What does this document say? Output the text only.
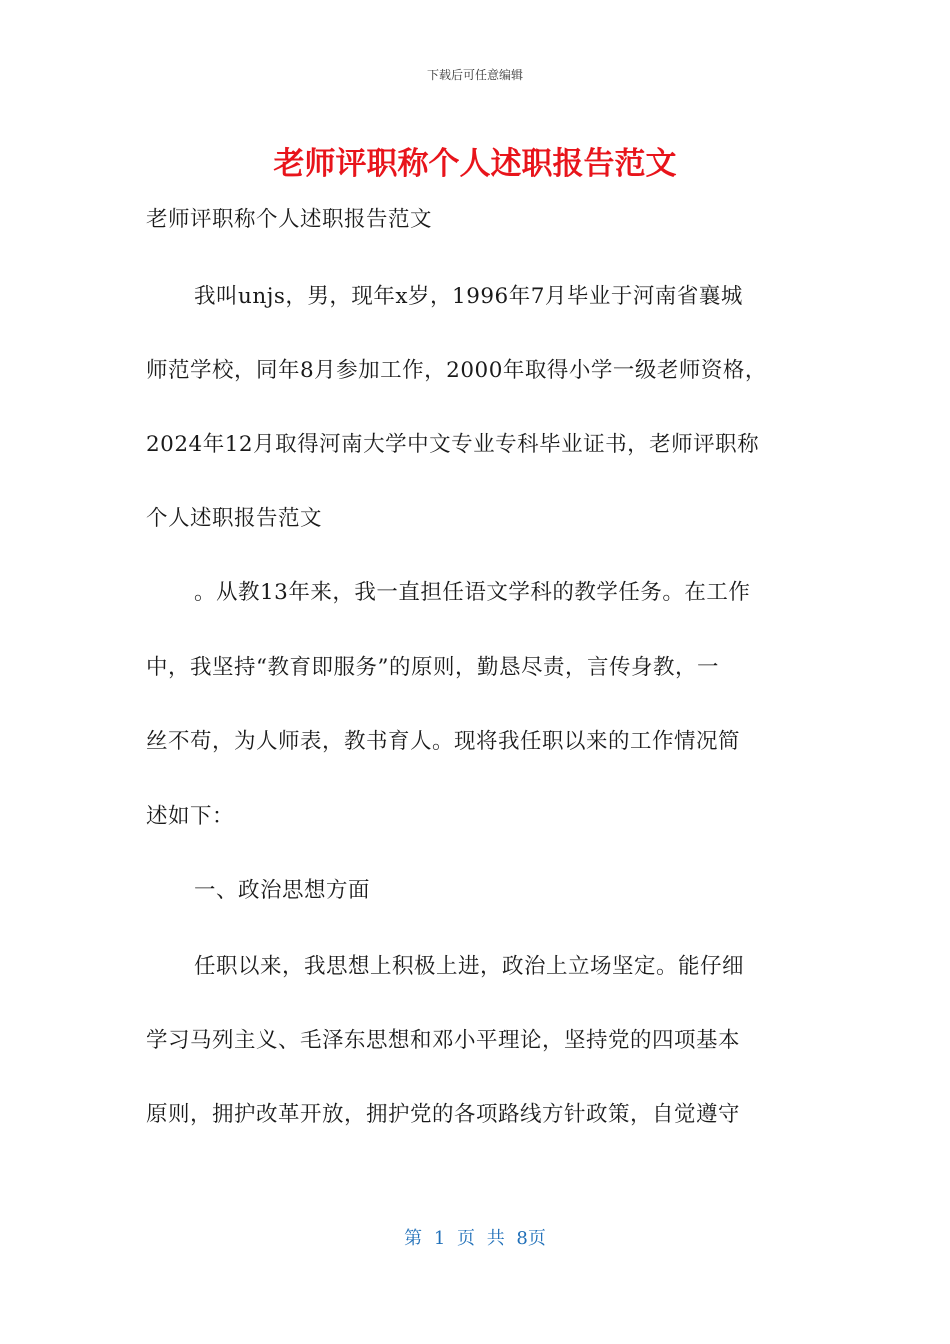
下载后可任意编辑
老师评职称个人述职报告范文
老师评职称个人述职报告范文
我叫unjs，男，现年x岁，1996年7月毕业于河南省襄城
师范学校，同年8月参加工作，2000年取得小学一级老师资格，
2024年12月取得河南大学中文专业专科毕业证书，老师评职称
个人述职报告范文
。从教13年来，我一直担任语文学科的教学任务。在工作
中，我坚持“教育即服务”的原则，勤恳尽责，言传身教，一
丝不苟，为人师表，教书育人。现将我任职以来的工作情况简
述如下：
一、政治思想方面
任职以来，我思想上积极上进，政治上立场坚定。能仔细
学习马列主义、毛泽东思想和邓小平理论，坚持党的四项基本
原则，拥护改革开放，拥护党的各项路线方针政策，自觉遵守
第 1 页 共 8页
